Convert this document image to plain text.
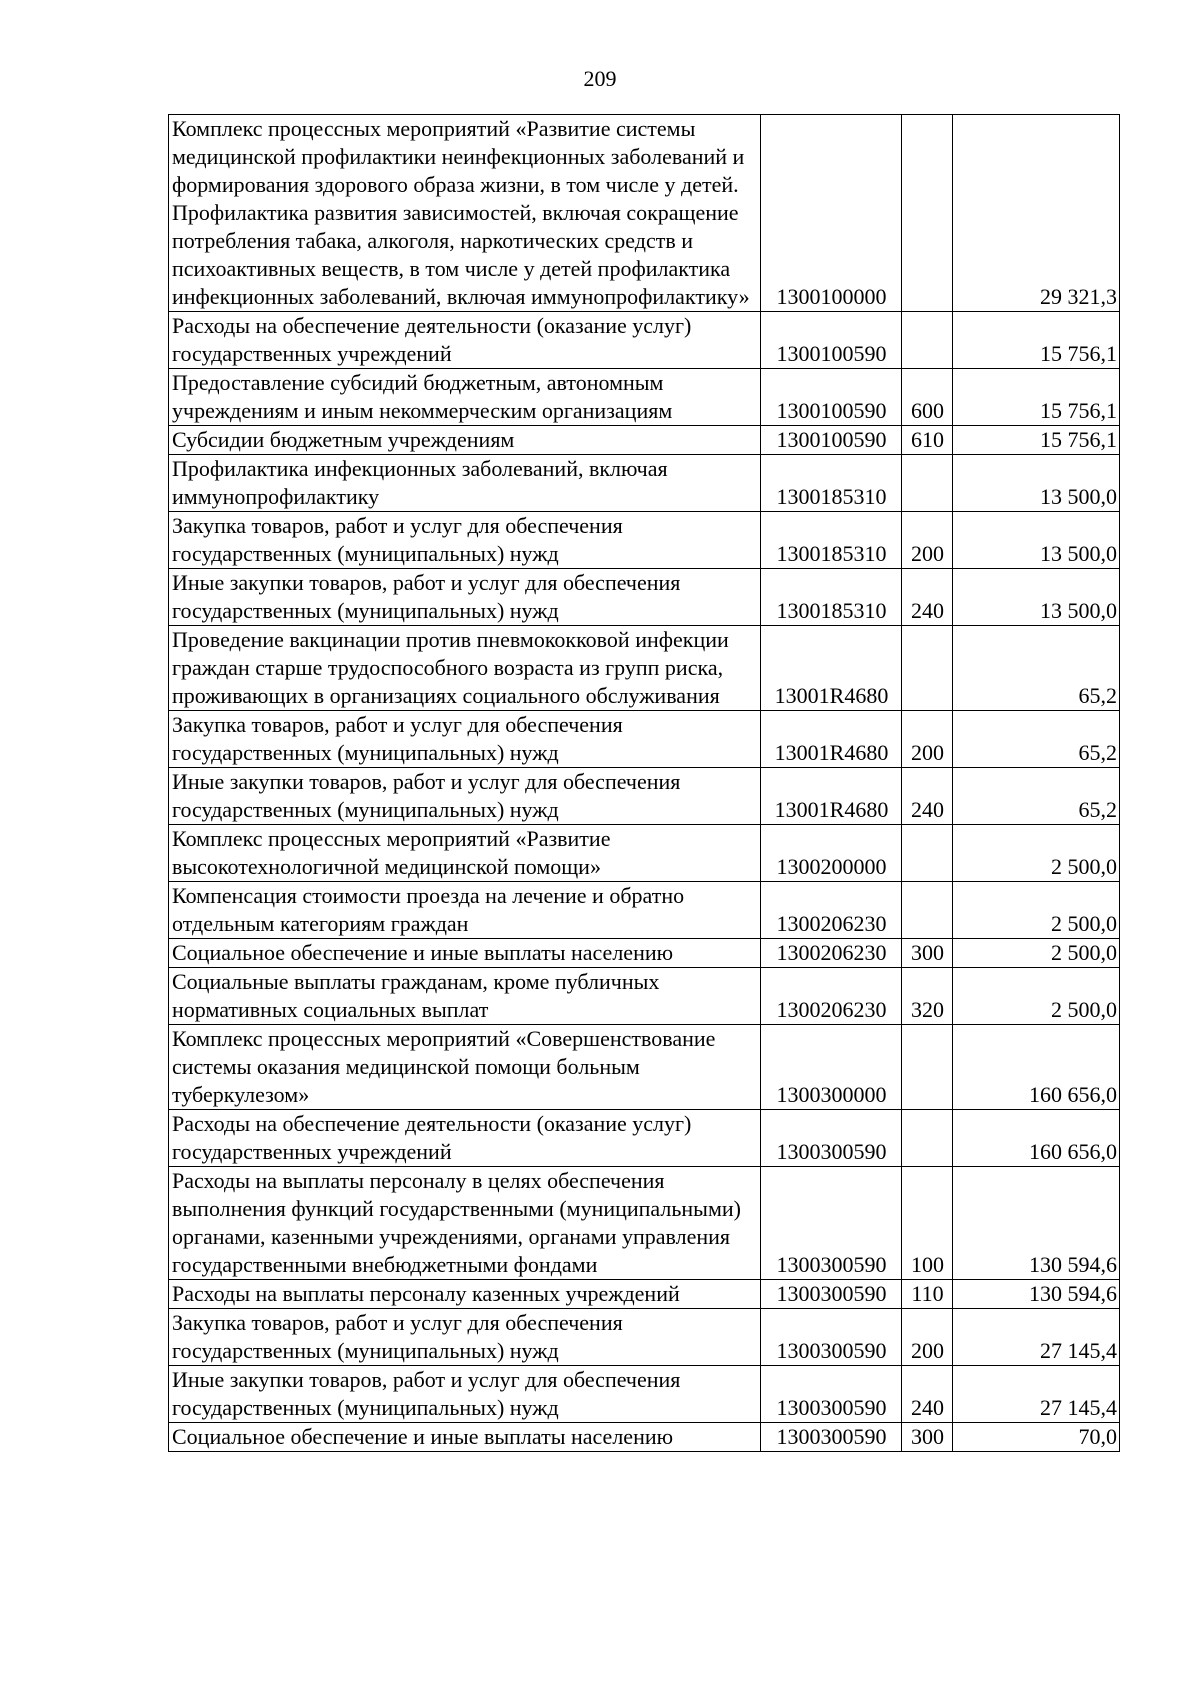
209
Комплекс процессных мероприятий «Развитие системы медицинской профилактики неинфекционных заболеваний и формирования здорового образа жизни, в том числе у детей. Профилактика развития зависимостей, включая сокращение потребления табака, алкоголя, наркотических средств и психоактивных веществ, в том числе у детей профилактика инфекционных заболеваний, включая иммунопрофилактику»	1300100000		29 321,3
Расходы на обеспечение деятельности (оказание услуг) государственных учреждений	1300100590		15 756,1
Предоставление субсидий бюджетным, автономным учреждениям и иным некоммерческим организациям	1300100590	600	15 756,1
Субсидии бюджетным учреждениям	1300100590	610	15 756,1
Профилактика инфекционных заболеваний, включая иммунопрофилактику	1300185310		13 500,0
Закупка товаров, работ и услуг для обеспечения государственных (муниципальных) нужд	1300185310	200	13 500,0
Иные закупки товаров, работ и услуг для обеспечения государственных (муниципальных) нужд	1300185310	240	13 500,0
Проведение вакцинации против пневмококковой инфекции граждан старше трудоспособного возраста из групп риска, проживающих в организациях социального обслуживания	13001R4680		65,2
Закупка товаров, работ и услуг для обеспечения государственных (муниципальных) нужд	13001R4680	200	65,2
Иные закупки товаров, работ и услуг для обеспечения государственных (муниципальных) нужд	13001R4680	240	65,2
Комплекс процессных мероприятий «Развитие высокотехнологичной медицинской помощи»	1300200000		2 500,0
Компенсация стоимости проезда на лечение и обратно отдельным категориям граждан	1300206230		2 500,0
Социальное обеспечение и иные выплаты населению	1300206230	300	2 500,0
Социальные выплаты гражданам, кроме публичных нормативных социальных выплат	1300206230	320	2 500,0
Комплекс процессных мероприятий «Совершенствование системы оказания медицинской помощи больным туберкулезом»	1300300000		160 656,0
Расходы на обеспечение деятельности (оказание услуг) государственных учреждений	1300300590		160 656,0
Расходы на выплаты персоналу в целях обеспечения выполнения функций государственными (муниципальными) органами, казенными учреждениями, органами управления государственными внебюджетными фондами	1300300590	100	130 594,6
Расходы на выплаты персоналу казенных учреждений	1300300590	110	130 594,6
Закупка товаров, работ и услуг для обеспечения государственных (муниципальных) нужд	1300300590	200	27 145,4
Иные закупки товаров, работ и услуг для обеспечения государственных (муниципальных) нужд	1300300590	240	27 145,4
Социальное обеспечение и иные выплаты населению	1300300590	300	70,0
